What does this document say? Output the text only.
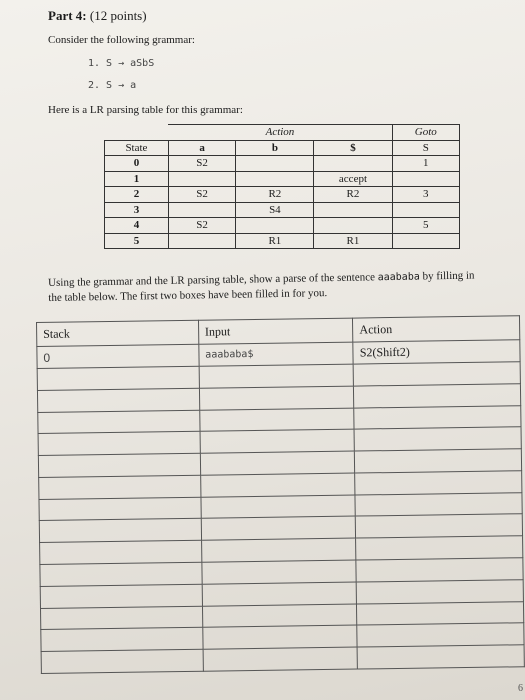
Part 4: (12 points)
Consider the following grammar:
1. S → aSbS
2. S → a
Here is a LR parsing table for this grammar:
	Action			Goto
State	a	b	$	S
0	S2			1
1			accept	
2	S2	R2	R2	3
3		S4		
4	S2			5
5		R1	R1	
Using the grammar and the LR parsing table, show a parse of the sentence aaababa by filling in the table below. The first two boxes have been filled in for you.
Stack	Input	Action
0	aaababa$	S2(Shift2)

6
